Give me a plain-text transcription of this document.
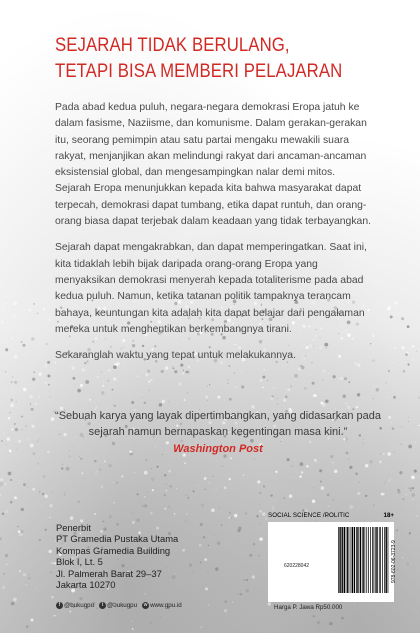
SEJARAH TIDAK BERULANG,
TETAPI BISA MEMBERI PELAJARAN

Pada abad kedua puluh, negara-negara demokrasi Eropa jatuh ke dalam fasisme, Naziisme, dan komunisme. Dalam gerakan-gerakan itu, seorang pemimpin atau satu partai mengaku mewakili suara rakyat, menjanjikan akan melindungi rakyat dari ancaman-ancaman eksistensial global, dan mengesampingkan nalar demi mitos. Sejarah Eropa menunjukkan kepada kita bahwa masyarakat dapat terpecah, demokrasi dapat tumbang, etika dapat runtuh, dan orang-orang biasa dapat terjebak dalam keadaan yang tidak terbayangkan.

Sejarah dapat mengakrabkan, dan dapat memperingatkan. Saat ini, kita tidaklah lebih bijak daripada orang-orang Eropa yang menyaksikan demokrasi menyerah kepada totaliterisme pada abad kedua puluh. Namun, ketika tatanan politik tampaknya terancam bahaya, keuntungan kita adalah kita dapat belajar dari pengalaman mereka untuk menghentikan berkembangnya tirani.

Sekaranglah waktu yang tepat untuk melakukannya.

“Sebuah karya yang layak dipertimbangkan, yang didasarkan pada sejarah namun bernapaskan kegentingan masa kini.”
Washington Post
Penerbit
PT Gramedia Pustaka Utama
Kompas Gramedia Building
Blok I, Lt. 5
Jl. Palmerah Barat 29–37
Jakarta 10270
f @bukugpu	t @bukugpu	w www.gpu.id
SOCIAL SCIENCE /POLITIC	18+
620228042	978-602-06-3723-9
Harga P. Jawa Rp50.000
